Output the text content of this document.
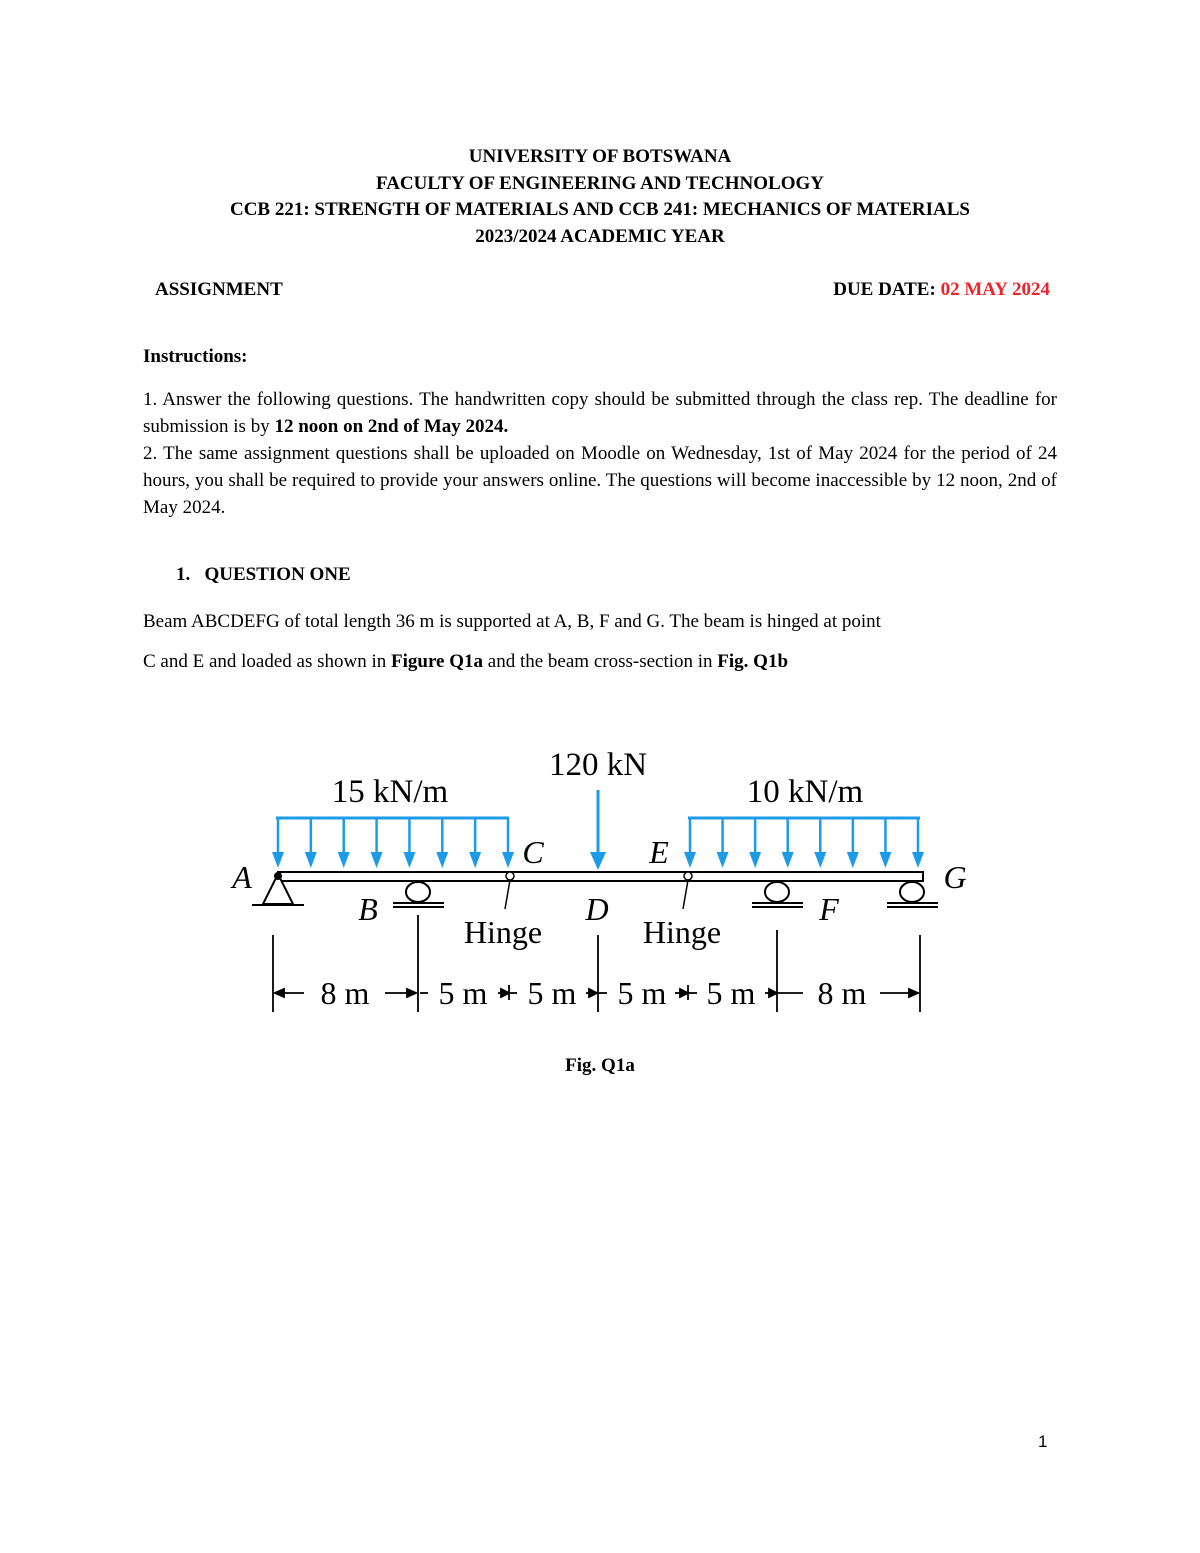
UNIVERSITY OF BOTSWANA
FACULTY OF ENGINEERING AND TECHNOLOGY
CCB 221: STRENGTH OF MATERIALS AND CCB 241: MECHANICS OF MATERIALS
2023/2024 ACADEMIC YEAR
ASSIGNMENT	DUE DATE: 02 MAY 2024
Instructions:

1. Answer the following questions. The handwritten copy should be submitted through the class rep. The deadline for submission is by 12 noon on 2nd of May 2024.

2. The same assignment questions shall be uploaded on Moodle on Wednesday, 1st of May 2024 for the period of 24 hours, you shall be required to provide your answers online. The questions will become inaccessible by 12 noon, 2nd of May 2024.

1. QUESTION ONE

Beam ABCDEFG of total length 36 m is supported at A, B, F and G. The beam is hinged at point

C and E and loaded as shown in Figure Q1a and the beam cross-section in Fig. Q1b

15 kN/m
120 kN
10 kN/m
A
B
C
D
E
F
G
Hinge	Hinge
8 m 5 m 5 m 5 m 5 m 8 m
Fig. Q1a
1
